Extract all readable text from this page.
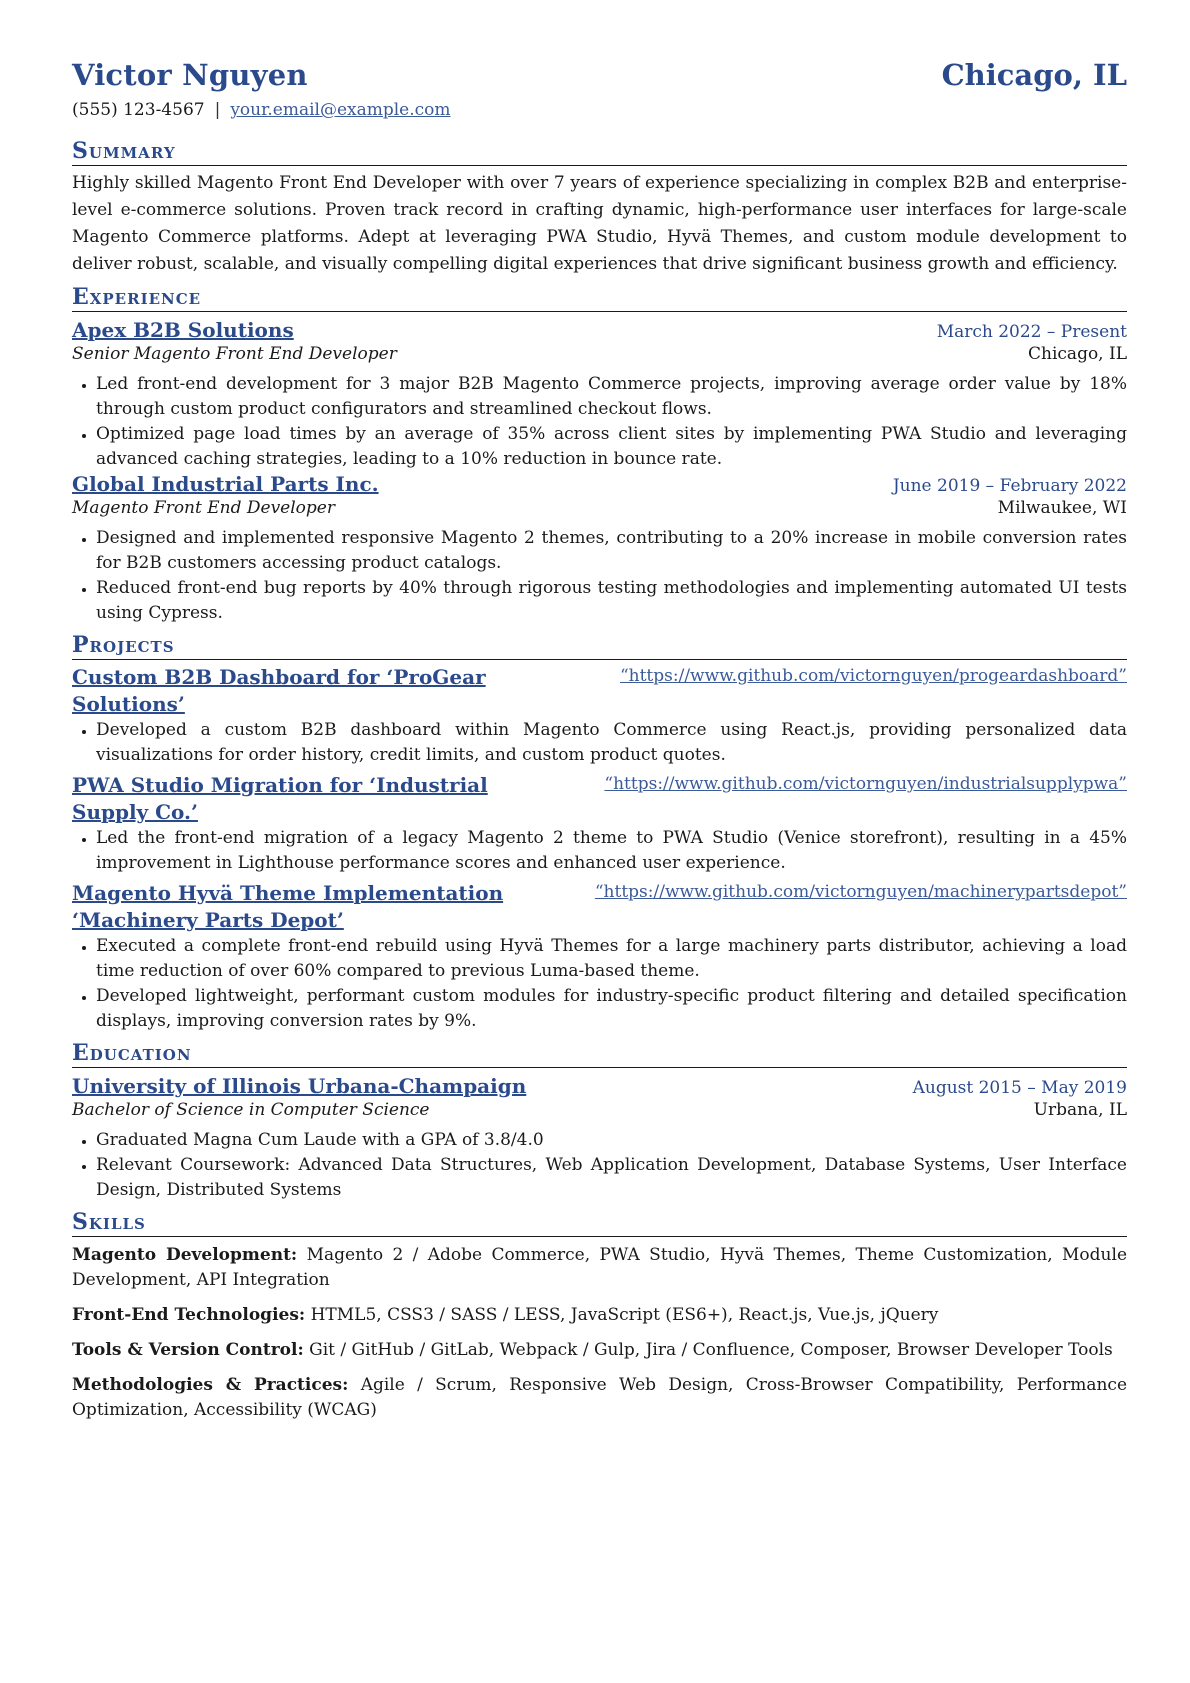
Victor Nguyen	Chicago, IL
(555) 123-4567 | your.email@example.com
Summary
Highly skilled Magento Front End Developer with over 7 years of experience specializing in complex B2B and enterprise-level e-commerce solutions. Proven track record in crafting dynamic, high-performance user interfaces for large-scale Magento Commerce platforms. Adept at leveraging PWA Studio, Hyvä Themes, and custom module development to deliver robust, scalable, and visually compelling digital experiences that drive significant business growth and efficiency.
Experience
Apex B2B Solutions	March 2022 – Present
Senior Magento Front End Developer	Chicago, IL
• Led front-end development for 3 major B2B Magento Commerce projects, improving average order value by 18% through custom product configurators and streamlined checkout flows.
• Optimized page load times by an average of 35% across client sites by implementing PWA Studio and leveraging advanced caching strategies, leading to a 10% reduction in bounce rate.
Global Industrial Parts Inc.	June 2019 – February 2022
Magento Front End Developer	Milwaukee, WI
• Designed and implemented responsive Magento 2 themes, contributing to a 20% increase in mobile conversion rates for B2B customers accessing product catalogs.
• Reduced front-end bug reports by 40% through rigorous testing methodologies and implementing automated UI tests using Cypress.
Projects
Custom B2B Dashboard for ‘ProGear Solutions’
“https://www.github.com/victornguyen/progeardashboard”
• Developed a custom B2B dashboard within Magento Commerce using React.js, providing personalized data visualizations for order history, credit limits, and custom product quotes.
PWA Studio Migration for ‘Industrial Supply Co.’
“https://www.github.com/victornguyen/industrialsupplypwa”
• Led the front-end migration of a legacy Magento 2 theme to PWA Studio (Venice storefront), resulting in a 45% improvement in Lighthouse performance scores and enhanced user experience.
Magento Hyvä Theme Implementation ‘Machinery Parts Depot’
“https://www.github.com/victornguyen/machinerypartsdepot”
• Executed a complete front-end rebuild using Hyvä Themes for a large machinery parts distributor, achieving a load time reduction of over 60% compared to previous Luma-based theme.
• Developed lightweight, performant custom modules for industry-specific product filtering and detailed specification displays, improving conversion rates by 9%.
Education
University of Illinois Urbana-Champaign	August 2015 – May 2019
Bachelor of Science in Computer Science	Urbana, IL
• Graduated Magna Cum Laude with a GPA of 3.8/4.0
• Relevant Coursework: Advanced Data Structures, Web Application Development, Database Systems, User Interface Design, Distributed Systems
Skills
Magento Development: Magento 2 / Adobe Commerce, PWA Studio, Hyvä Themes, Theme Customization, Module Development, API Integration
Front-End Technologies: HTML5, CSS3 / SASS / LESS, JavaScript (ES6+), React.js, Vue.js, jQuery
Tools & Version Control: Git / GitHub / GitLab, Webpack / Gulp, Jira / Confluence, Composer, Browser Developer Tools
Methodologies & Practices: Agile / Scrum, Responsive Web Design, Cross-Browser Compatibility, Performance Optimization, Accessibility (WCAG)
